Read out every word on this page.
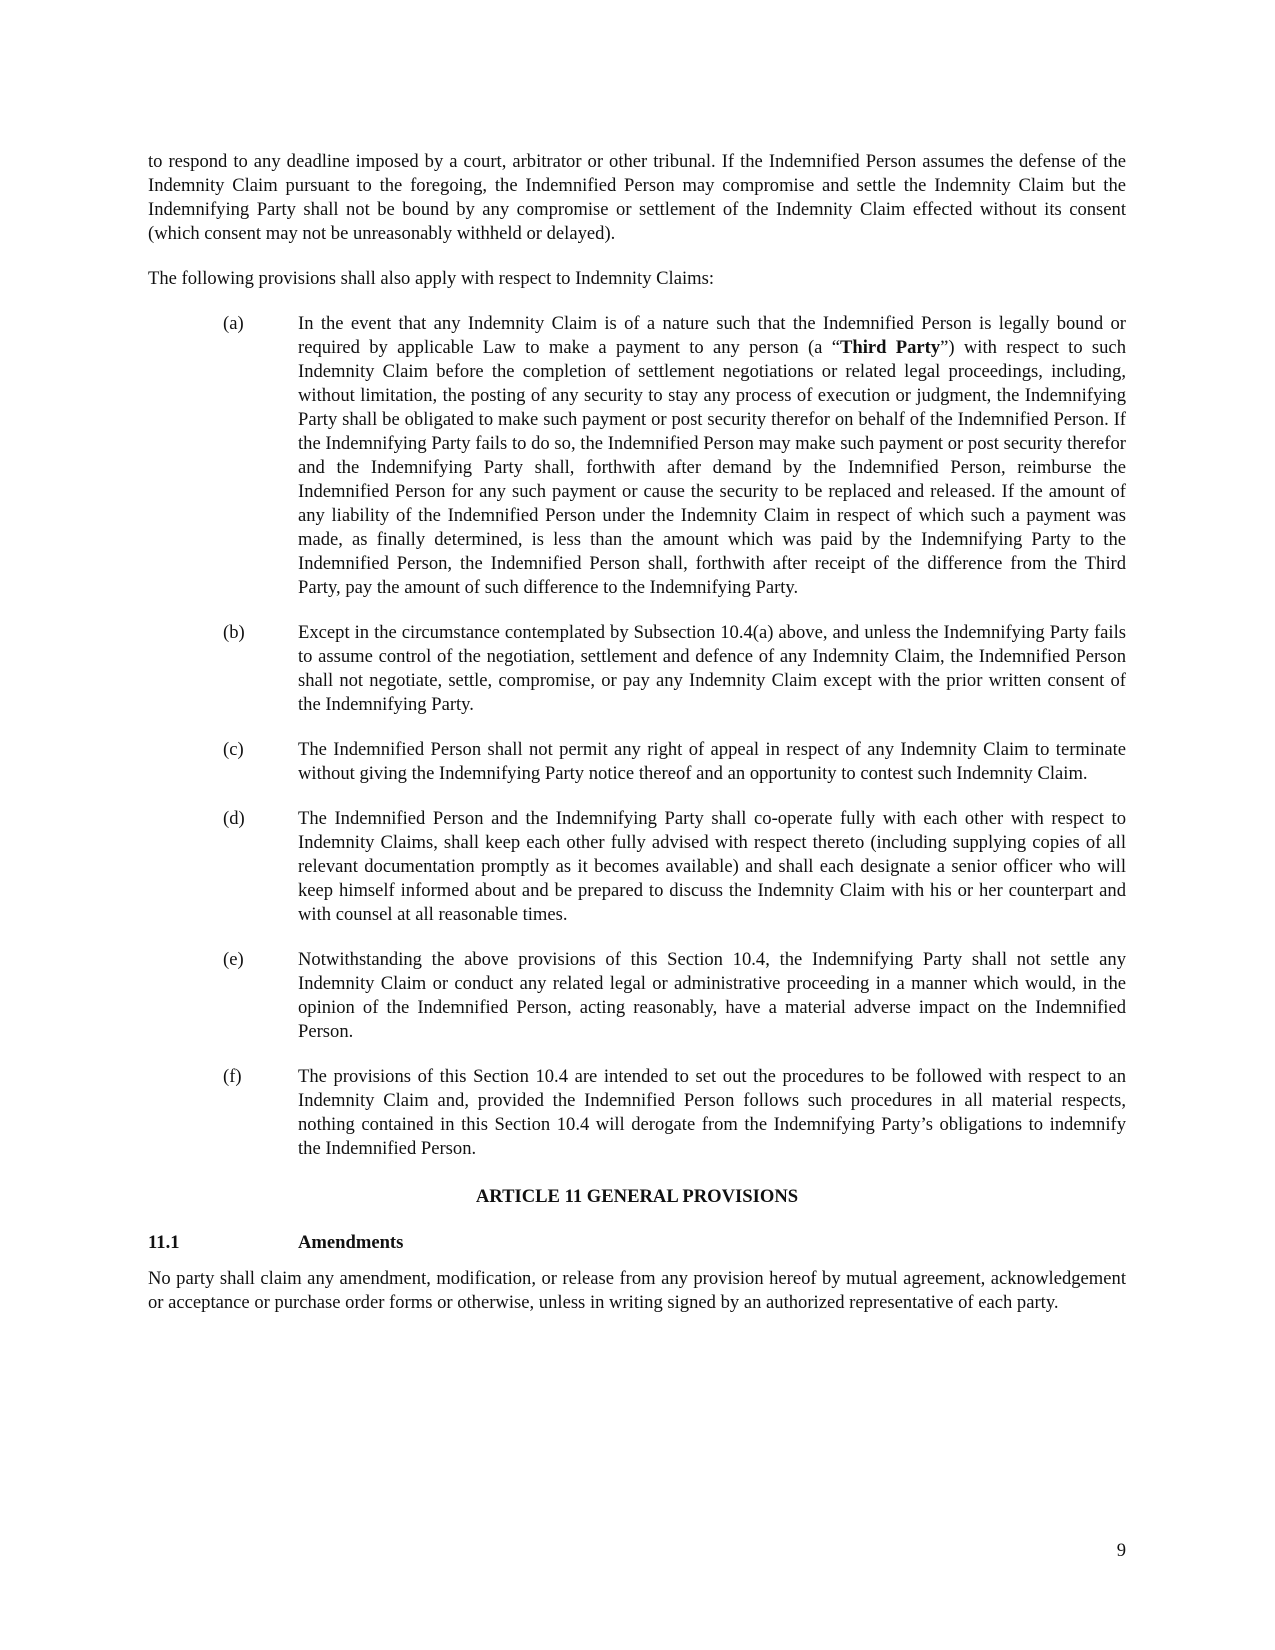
to respond to any deadline imposed by a court, arbitrator or other tribunal. If the Indemnified Person assumes the defense of the Indemnity Claim pursuant to the foregoing, the Indemnified Person may compromise and settle the Indemnity Claim but the Indemnifying Party shall not be bound by any compromise or settlement of the Indemnity Claim effected without its consent (which consent may not be unreasonably withheld or delayed).

The following provisions shall also apply with respect to Indemnity Claims:

(a)	In the event that any Indemnity Claim is of a nature such that the Indemnified Person is legally bound or required by applicable Law to make a payment to any person (a “Third Party”) with respect to such Indemnity Claim before the completion of settlement negotiations or related legal proceedings, including, without limitation, the posting of any security to stay any process of execution or judgment, the Indemnifying Party shall be obligated to make such payment or post security therefor on behalf of the Indemnified Person. If the Indemnifying Party fails to do so, the Indemnified Person may make such payment or post security therefor and the Indemnifying Party shall, forthwith after demand by the Indemnified Person, reimburse the Indemnified Person for any such payment or cause the security to be replaced and released. If the amount of any liability of the Indemnified Person under the Indemnity Claim in respect of which such a payment was made, as finally determined, is less than the amount which was paid by the Indemnifying Party to the Indemnified Person, the Indemnified Person shall, forthwith after receipt of the difference from the Third Party, pay the amount of such difference to the Indemnifying Party.

(b)	Except in the circumstance contemplated by Subsection 10.4(a) above, and unless the Indemnifying Party fails to assume control of the negotiation, settlement and defence of any Indemnity Claim, the Indemnified Person shall not negotiate, settle, compromise, or pay any Indemnity Claim except with the prior written consent of the Indemnifying Party.

(c)	The Indemnified Person shall not permit any right of appeal in respect of any Indemnity Claim to terminate without giving the Indemnifying Party notice thereof and an opportunity to contest such Indemnity Claim.

(d)	The Indemnified Person and the Indemnifying Party shall co-operate fully with each other with respect to Indemnity Claims, shall keep each other fully advised with respect thereto (including supplying copies of all relevant documentation promptly as it becomes available) and shall each designate a senior officer who will keep himself informed about and be prepared to discuss the Indemnity Claim with his or her counterpart and with counsel at all reasonable times.

(e)	Notwithstanding the above provisions of this Section 10.4, the Indemnifying Party shall not settle any Indemnity Claim or conduct any related legal or administrative proceeding in a manner which would, in the opinion of the Indemnified Person, acting reasonably, have a material adverse impact on the Indemnified Person.

(f)	The provisions of this Section 10.4 are intended to set out the procedures to be followed with respect to an Indemnity Claim and, provided the Indemnified Person follows such procedures in all material respects, nothing contained in this Section 10.4 will derogate from the Indemnifying Party’s obligations to indemnify the Indemnified Person.

ARTICLE 11 GENERAL PROVISIONS
11.1	Amendments

No party shall claim any amendment, modification, or release from any provision hereof by mutual agreement, acknowledgement or acceptance or purchase order forms or otherwise, unless in writing signed by an authorized representative of each party.

9
